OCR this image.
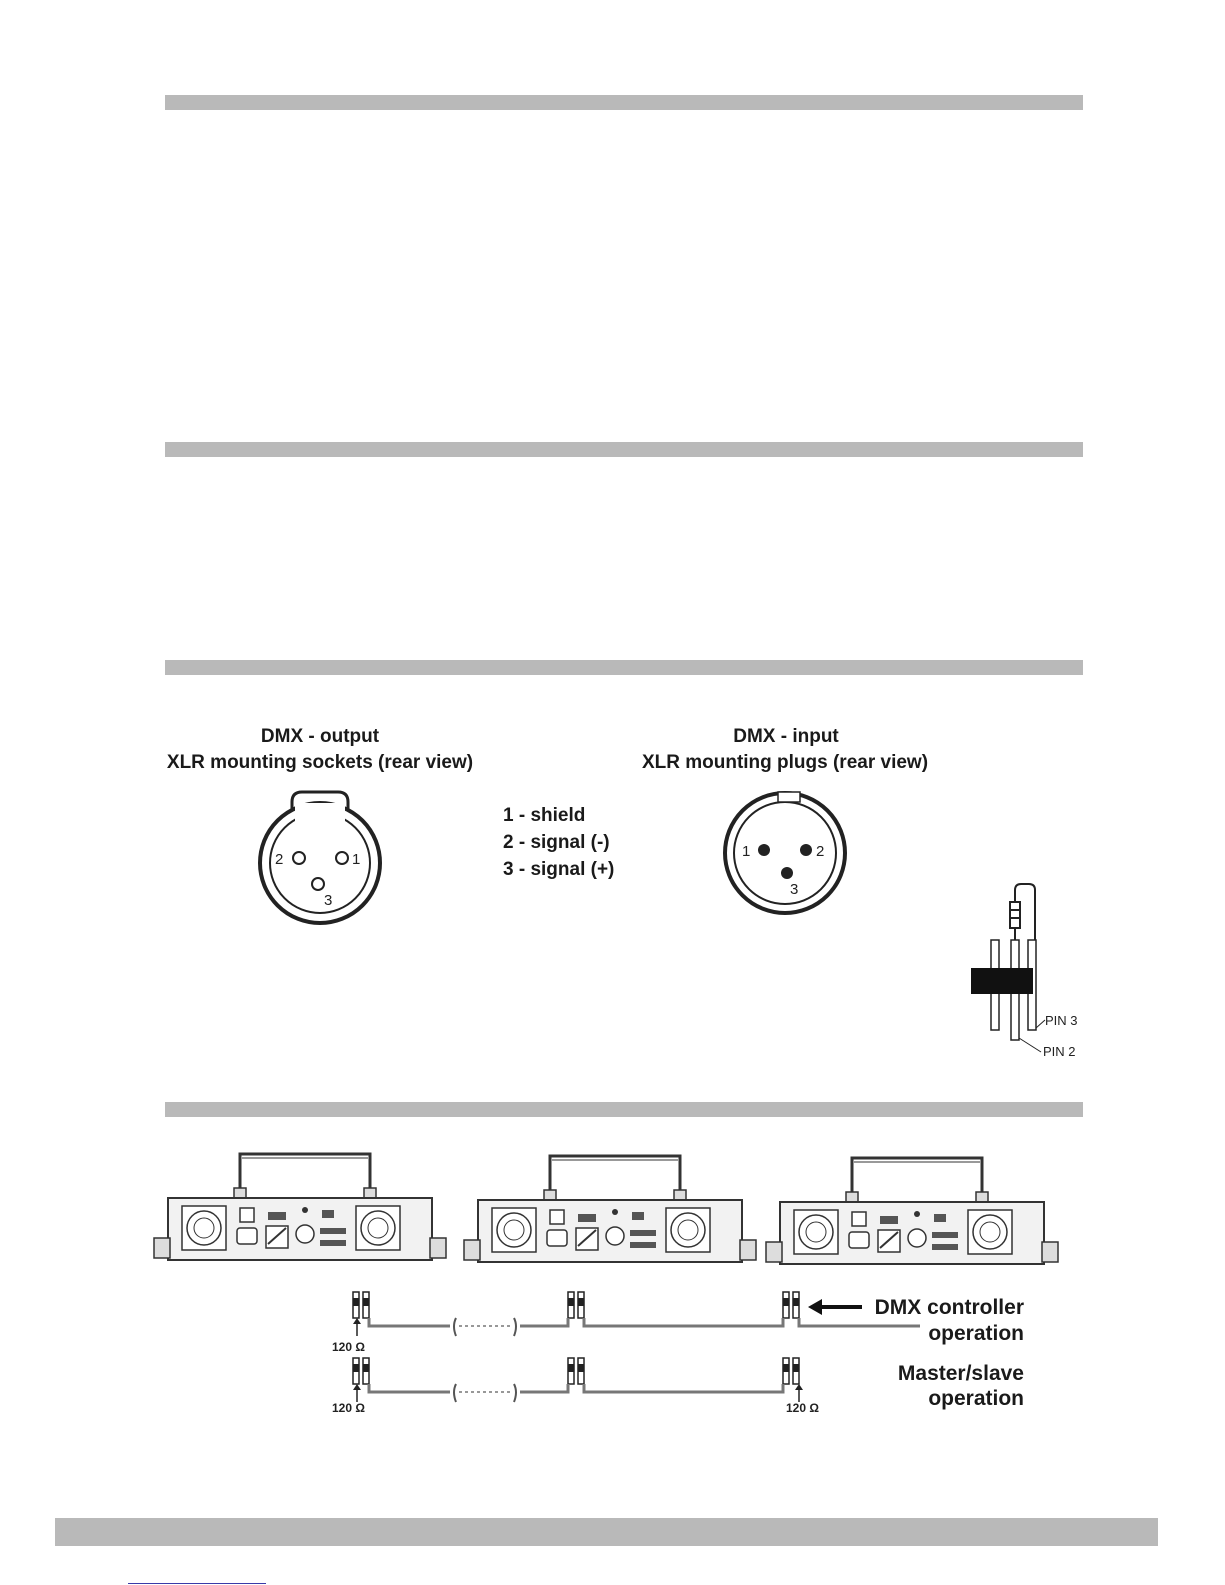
DMX - output
XLR mounting sockets (rear view)
DMX - input
XLR mounting plugs (rear view)
1 - shield
2 - signal (-)
3 - signal (+)
2	1
3
1	2
3
PIN 3
PIN 2
120 Ω
120 Ω	120 Ω
DMX controller
operation
Master/slave
operation
